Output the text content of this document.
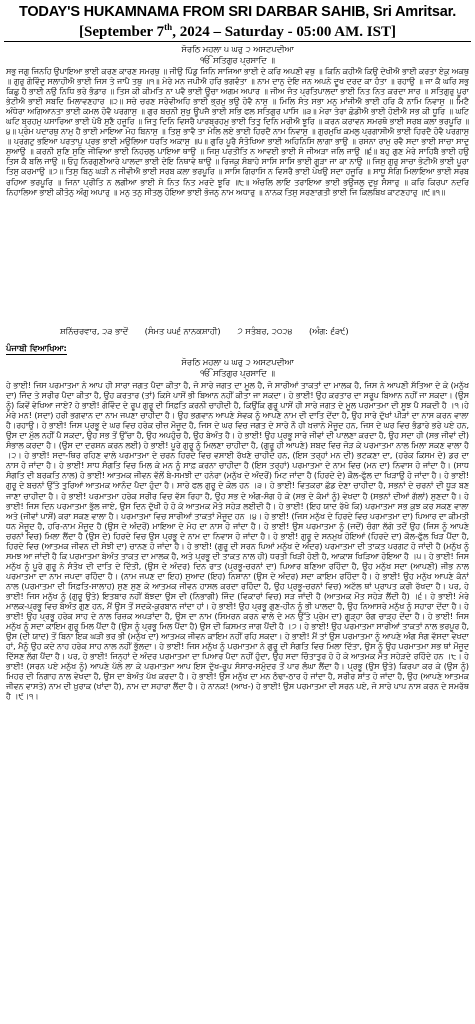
TODAY'S HUKAMNAMA FROM SRI DARBAR SAHIB, Sri Amritsar.
[September 7th, 2024 – Saturday - 05:00 AM. IST]
ਸੋਰਠਿ ਮਹਲਾ ੫ ਘਰੁ ੨ ਅਸਟਪਦੀਆ
ੴ ਸਤਿਗੁਰ ਪ੍ਰਸਾਦਿ ॥

ਸਭੁ ਜਗੁ ਜਿਨਹਿ ਉਪਾਇਆ ਭਾਈ ਕਰਣ ਕਾਰਣ ਸਮਰਥੁ ॥ ਜੀਉ ਪਿੰਡੁ ਜਿਨਿ ਸਾਜਿਆ ਭਾਈ ਦੇ ਕਰਿ ਅਪਣੀ ਵਥੁ ॥ ਕਿਨਿ ਕਹੀਐ ਕਿਉ ਦੇਖੀਐ ਭਾਈ ਕਰਤਾ ਏਕੁ ਅਕਥੁ ॥ ਗੁਰੁ ਗੋਵਿੰਦੁ ਸਲਾਹੀਐ ਭਾਈ ਜਿਸ ਤੇ ਜਾਪੈ ਤਥੁ ॥੧॥ ਮੇਰੇ ਮਨ ਜਪੀਐ ਹਰਿ ਭਗਵੰਤਾ ॥ ਨਾਮ ਦਾਨੁ ਦੇਇ ਜਨ ਅਪਨੇ ਦੂਖ ਦਰਦ ਕਾ ਹੰਤਾ ॥ ਰਹਾਉ ॥ ਜਾ ਕੈ ਘਰਿ ਸਭੁ ਕਿਛੁ ਹੈ ਭਾਈ ਨਉ ਨਿਧਿ ਭਰੇ ਭੰਡਾਰ ॥ ਤਿਸ ਕੀ ਕੀਮਤਿ ਨਾ ਪਵੈ ਭਾਈ ਊਚਾ ਅਗਮ ਅਪਾਰ ॥ ਜੀਅ ਜੰਤ ਪ੍ਰਤਿਪਾਲਦਾ ਭਾਈ ਨਿਤ ਨਿਤ ਕਰਦਾ ਸਾਰ ॥ ਸਤਿਗੁਰੁ ਪੂਰਾ ਭੇਟੀਐ ਭਾਈ ਸਬਦਿ ਮਿਲਾਵਣਹਾਰ ॥੨॥ ਸਚੇ ਚਰਣ ਸਰੇਵੀਅਹਿ ਭਾਈ ਭ੍ਰਮੁ ਭਉ ਹੋਵੈ ਨਾਸੁ ॥ ਮਿਲਿ ਸੰਤ ਸਭਾ ਮਨੁ ਮਾਂਜੀਐ ਭਾਈ ਹਰਿ ਕੈ ਨਾਮਿ ਨਿਵਾਸੁ ॥ ਮਿਟੈ ਅੰਧੇਰਾ ਅਗਿਆਨਤਾ ਭਾਈ ਕਮਲ ਹੋਵੈ ਪਰਗਾਸੁ ॥ ਗੁਰ ਬਚਨੀ ਸੁਖੁ ਊਪਜੈ ਭਾਈ ਸਭਿ ਫਲ ਸਤਿਗੁਰ ਪਾਸਿ ॥੩॥ ਮੇਰਾ ਤੇਰਾ ਛੋਡੀਐ ਭਾਈ ਹੋਈਐ ਸਭ ਕੀ ਧੂਰਿ ॥ ਘਟਿ ਘਟਿ ਬ੍ਰਹਮੁ ਪਸਾਰਿਆ ਭਾਈ ਪੇਖੈ ਸੁਣੈ ਹਜੂਰਿ ॥ ਜਿਤੁ ਦਿਨਿ ਵਿਸਰੈ ਪਾਰਬ੍ਰਹਮੁ ਭਾਈ ਤਿਤੁ ਦਿਨਿ ਮਰੀਐ ਝੂਰਿ ॥ ਕਰਨ ਕਰਾਵਨ ਸਮਰਥੋ ਭਾਈ ਸਰਬ ਕਲਾ ਭਰਪੂਰਿ ॥੪॥ ਪ੍ਰੇਮ ਪਦਾਰਥੁ ਨਾਮੁ ਹੈ ਭਾਈ ਮਾਇਆ ਮੋਹ ਬਿਨਾਸੁ ॥ ਤਿਸੁ ਭਾਵੈ ਤਾ ਮੇਲਿ ਲਏ ਭਾਈ ਹਿਰਦੈ ਨਾਮ ਨਿਵਾਸੁ ॥ ਗੁਰਮੁਖਿ ਕਮਲੁ ਪ੍ਰਗਾਸੀਐ ਭਾਈ ਹਿਰਦੈ ਹੋਵੈ ਪਰਗਾਸੁ ॥ ਪ੍ਰਗਟੁ ਭਇਆ ਪਰਤਾਪੁ ਪ੍ਰਭ ਭਾਈ ਮਉਲਿਆ ਧਰਤਿ ਅਕਾਸੁ ॥੫॥ ਗੁਰਿ ਪੂਰੈ ਸੰਤੋਖਿਆ ਭਾਈ ਅਹਿਨਿਸਿ ਲਾਗਾ ਭਾਉ ॥ ਰਸਨਾ ਰਾਮੁ ਰਵੈ ਸਦਾ ਭਾਈ ਸਾਚਾ ਸਾਦੁ ਸੁਆਉ ॥ ਕਰਨੀ ਸੁਣਿ ਸੁਣਿ ਜੀਵਿਆ ਭਾਈ ਨਿਹਚਲੁ ਪਾਇਆ ਥਾਉ ॥ ਜਿਸੁ ਪਰਤੀਤਿ ਨ ਆਵਈ ਭਾਈ ਸੋ ਜੀਅੜਾ ਜਲਿ ਜਾਉ ॥੬॥ ਬਹੁ ਗੁਣ ਮੇਰੇ ਸਾਹਿਬੈ ਭਾਈ ਹਉ ਤਿਸ ਕੈ ਬਲਿ ਜਾਉ ॥ ਓਹੁ ਨਿਰਗੁਣੀਆਰੇ ਪਾਲਦਾ ਭਾਈ ਦੇਇ ਨਿਥਾਵੇ ਥਾਉ ॥ ਰਿਜਕੁ ਸੰਬਾਹੇ ਸਾਸਿ ਸਾਸਿ ਭਾਈ ਗੂੜਾ ਜਾ ਕਾ ਨਾਉ ॥ ਜਿਸੁ ਗੁਰੁ ਸਾਚਾ ਭੇਟੀਐ ਭਾਈ ਪੂਰਾ ਤਿਸੁ ਕਰਮਾਉ ॥੭॥ ਤਿਸੁ ਬਿਨੁ ਘੜੀ ਨ ਜੀਵੀਐ ਭਾਈ ਸਰਬ ਕਲਾ ਭਰਪੂਰਿ ॥ ਸਾਸਿ ਗਿਰਾਸਿ ਨ ਵਿਸਰੈ ਭਾਈ ਪੇਖਉ ਸਦਾ ਹਜੂਰਿ ॥ ਸਾਧੂ ਸੰਗਿ ਮਿਲਾਇਆ ਭਾਈ ਸਰਬ ਰਹਿਆ ਭਰਪੂਰਿ ॥ ਜਿਨਾ ਪ੍ਰੀਤਿ ਨ ਲਗੀਆ ਭਾਈ ਸੇ ਨਿਤ ਨਿਤ ਮਰਦੇ ਝੂਰਿ ॥੮॥ ਅੰਚਲਿ ਲਾਇ ਤਰਾਇਆ ਭਾਈ ਭਉਜਲੁ ਦੁਖੁ ਸੰਸਾਰੁ ॥ ਕਰਿ ਕਿਰਪਾ ਨਦਰਿ ਨਿਹਾਲਿਆ ਭਾਈ ਕੀਤੋਨੁ ਅੰਗੁ ਅਪਾਰੁ ॥ ਮਨੁ ਤਨੁ ਸੀਤਲੁ ਹੋਇਆ ਭਾਈ ਭੋਜਨੁ ਨਾਮ ਅਧਾਰੁ ॥ ਨਾਨਕ ਤਿਸੁ ਸਰਣਾਗਤੀ ਭਾਈ ਜਿ ਕਿਲਬਿਖ ਕਾਟਣਹਾਰੁ ॥੯॥੧॥

ਸ਼ਨਿੱਚਰਵਾਰ, ੨੩ ਭਾਦੋਂ (ਸੰਮਤ ੫੫੬ ਨਾਨਕਸ਼ਾਹੀ) ੭ ਸਤੰਬਰ, ੨੦੨੪ (ਅੰਗ: ੬੩੯)
ਪੰਜਾਬੀ ਵਿਆਖਿਆ:
ਸੋਰਠਿ ਮਹਲਾ ੫ ਘਰੁ ੨ ਅਸਟਪਦੀਆ
ੴ ਸਤਿਗੁਰ ਪ੍ਰਸਾਦਿ ॥

ਹੇ ਭਾਈ! ਜਿਸ ਪਰਮਾਤਮਾ ਨੇ ਆਪ ਹੀ ਸਾਰਾ ਜਗਤ ਪੈਦਾ ਕੀਤਾ ਹੈ, ਜੋ ਸਾਰੇ ਜਗਤ ਦਾ ਮੂਲ ਹੈ, ਜੋ ਸਾਰੀਆਂ ਤਾਕਤਾਂ ਦਾ ਮਾਲਕ ਹੈ, ਜਿਸ ਨੇ ਆਪਣੀ ਸੱਤਿਆ ਦੇ ਕੇ (ਮਨੁੱਖ ਦਾ) ਜਿੰਦ ਤੇ ਸਰੀਰ ਪੈਦਾ ਕੀਤਾ ਹੈ, ਉਹ ਕਰਤਾਰ (ਤਾਂ) ਕਿਸੇ ਪਾਸੋਂ ਭੀ ਬਿਆਨ ਨਹੀਂ ਕੀਤਾ ਜਾ ਸਕਦਾ। ਹੇ ਭਾਈ! ਉਹ ਕਰਤਾਰ ਦਾ ਸਰੂਪ ਬਿਆਨ ਨਹੀਂ ਜਾ ਸਕਦਾ। (ਉਸ ਨੂੰ) ਕਿਵੇਂ ਵੇਖਿਆ ਜਾਏ? ਹੇ ਭਾਈ! ਗੋਵਿੰਦ ਦੇ ਰੂਪ ਗੁਰੂ ਦੀ ਸਿਫ਼ਤਿ ਕਰਨੀ ਚਾਹੀਦੀ ਹੈ, ਕਿਉਂਕਿ ਗੁਰੂ ਪਾਸੋਂ ਹੀ ਸਾਰੇ ਜਗਤ ਦੇ ਮੂਲ ਪਰਮਾਤਮਾ ਦੀ ਸੂਝ ਪੈ ਸਕਦੀ ਹੈ ।੧।ਹੇ ਮੇਰੇ ਮਨ! (ਸਦਾ) ਹਰੀ ਭਗਵਾਨ ਦਾ ਨਾਮ ਜਪਣਾ ਚਾਹੀਦਾ ਹੈ। ਉਹ ਭਗਵਾਨ ਆਪਣੇ ਸੇਵਕ ਨੂੰ ਆਪਣੇ ਨਾਮ ਦੀ ਦਾਤਿ ਦੇਂਦਾ ਹੈ, ਉਹ ਸਾਰੇ ਦੁੱਖਾਂ ਪੀੜਾਂ ਦਾ ਨਾਸ ਕਰਨ ਵਾਲਾ ਹੈ।ਰਹਾਉ। ਹੇ ਭਾਈ! ਜਿਸ ਪ੍ਰਭੂ ਦੇ ਘਰ ਵਿਚ ਹਰੇਕ ਚੀਜ਼ ਮੌਜੂਦ ਹੈ, ਜਿਸ ਦੇ ਘਰ ਵਿਚ ਜਗਤ ਦੇ ਸਾਰੇ ਨੌ ਹੀ ਖ਼ਜ਼ਾਨੇ ਮੌਜੂਦ ਹਨ, ਜਿਸ ਦੇ ਘਰ ਵਿਚ ਭੰਡਾਰੇ ਭਰੇ ਪਏ ਹਨ, ਉਸ ਦਾ ਮੁੱਲ ਨਹੀਂ ਪੈ ਸਕਦਾ, ਉਹ ਸਭ ਤੋਂ ਉੱਚਾ ਹੈ, ਉਹ ਅਪਹੁੰਚ ਹੈ, ਉਹ ਬੇਅੰਤ ਹੈ। ਹੇ ਭਾਈ! ਉਹ ਪ੍ਰਭੂ ਸਾਰੇ ਜੀਵਾਂ ਦੀ ਪਾਲਣਾ ਕਰਦਾ ਹੈ, ਉਹ ਸਦਾ ਹੀ (ਸਭ ਜੀਵਾਂ ਦੀ) ਸੰਭਾਲ ਕਰਦਾ ਹੈ। (ਉਸ ਦਾ ਦਰਸ਼ਨ ਕਰਨ ਲਈ) ਹੇ ਭਾਈ! ਪੂਰੇ ਗੁਰੂ ਨੂੰ ਮਿਲਣਾ ਚਾਹੀਦਾ ਹੈ, (ਗੁਰੂ ਹੀ ਆਪਣੇ) ਸ਼ਬਦ ਵਿਚ ਜੋੜ ਕੇ ਪਰਮਾਤਮਾ ਨਾਲ ਮਿਲਾ ਸਕਣ ਵਾਲਾ ਹੈ ।੨। ਹੇ ਭਾਈ! ਸਦਾ-ਥਿਰ ਰਹਿਣ ਵਾਲੇ ਪਰਮਾਤਮਾ ਦੇ ਚਰਨ ਹਿਰਦੇ ਵਿਚ ਵਸਾਈ ਰੱਖਣੇ ਚਾਹੀਦੇ ਹਨ, (ਇਸ ਤਰ੍ਹਾਂ ਮਨ ਦੀ) ਭਟਕਣਾ ਦਾ, (ਹਰੇਕ ਕਿਸਮ ਦੇ) ਡਰ ਦਾ ਨਾਸ ਹੋ ਜਾਂਦਾ ਹੈ। ਹੇ ਭਾਈ! ਸਾਧ ਸੰਗਤਿ ਵਿਚ ਮਿਲ ਕੇ ਮਨ ਨੂੰ ਸਾਫ਼ ਕਰਨਾ ਚਾਹੀਦਾ ਹੈ (ਇਸ ਤਰ੍ਹਾਂ) ਪਰਮਾਤਮਾ ਦੇ ਨਾਮ ਵਿਚ (ਮਨ ਦਾ) ਨਿਵਾਸ ਹੋ ਜਾਂਦਾ ਹੈ। (ਸਾਧ ਸੰਗਤਿ ਦੀ ਬਰਕਤਿ ਨਾਲ) ਹੇ ਭਾਈ! ਆਤਮਕ ਜੀਵਨ ਵੱਲੋਂ ਬੇ-ਸਮਝੀ ਦਾ ਹਨੇਰਾ (ਮਨੁੱਖ ਦੇ ਅੰਦਰੋਂ) ਮਿਟ ਜਾਂਦਾ ਹੈ (ਹਿਰਦੇ ਦੇ) ਕੌਲ-ਫੁੱਲ ਦਾ ਖਿੜਾਉ ਹੋ ਜਾਂਦਾ ਹੈ। ਹੇ ਭਾਈ! ਗੁਰੂ ਦੇ ਬਚਨਾਂ ਉੱਤੇ ਤੁਰਿਆਂ ਆਤਮਕ ਆਨੰਦ ਪੈਦਾ ਹੁੰਦਾ ਹੈ। ਸਾਰੇ ਫਲ ਗੁਰੂ ਦੇ ਕੋਲ ਹਨ ।੩। ਹੇ ਭਾਈ! ਵਿਤਕਰਾ ਛੱਡ ਦੇਣਾ ਚਾਹੀਦਾ ਹੈ, ਸਭਨਾਂ ਦੇ ਚਰਨਾਂ ਦੀ ਧੂੜ ਬਣ ਜਾਣਾ ਚਾਹੀਦਾ ਹੈ। ਹੇ ਭਾਈ! ਪਰਮਾਤਮਾ ਹਰੇਕ ਸਰੀਰ ਵਿਚ ਵੱਸ ਰਿਹਾ ਹੈ, ਉਹ ਸਭ ਦੇ ਅੰਗ-ਸੰਗ ਹੋ ਕੇ (ਸਭ ਦੇ ਕੰਮਾਂ ਨੂੰ) ਵੇਖਦਾ ਹੈ (ਸਭਨਾਂ ਦੀਆਂ ਗੱਲਾਂ) ਸੁਣਦਾ ਹੈ। ਹੇ ਭਾਈ! ਜਿਸ ਦਿਨ ਪਰਮਾਤਮਾ ਭੁੱਲ ਜਾਏ, ਉਸ ਦਿਨ ਦੁੱਖੀ ਹੋ ਹੋ ਕੇ ਆਤਮਕ ਮੌਤੇ ਸਹੇੜ ਲਈਦੀ ਹੈ। ਹੇ ਭਾਈ! (ਇਹ ਯਾਦ ਰੱਖੋ ਕਿ) ਪਰਮਾਤਮਾ ਸਭ ਕੁਝ ਕਰ ਸਕਣ ਵਾਲਾ ਅਤੇ (ਜੀਵਾਂ ਪਾਸੋਂ) ਕਰਾ ਸਕਣ ਵਾਲਾ ਹੈ। ਪਰਮਾਤਮਾ ਵਿਚ ਸਾਰੀਆਂ ਤਾਕਤਾਂ ਮੌਜੂਦ ਹਨ ।੪। ਹੇ ਭਾਈ! (ਜਿਸ ਮਨੁੱਖ ਦੇ ਹਿਰਦੇ ਵਿਚ ਪਰਮਾਤਮਾ ਦਾ) ਪਿਆਰ ਦਾ ਕੀਮਤੀ ਧਨ ਮੌਜੂਦ ਹੈ, ਹਰਿ-ਨਾਮ ਮੌਜੂਦ ਹੈ (ਉਸ ਦੇ ਅੰਦਰੋਂ) ਮਾਇਆ ਦੇ ਮੋਹ ਦਾ ਨਾਸ ਹੋ ਜਾਂਦਾ ਹੈ। ਹੇ ਭਾਈ! ਉਸ ਪਰਮਾਤਮਾ ਨੂੰ (ਜਦੋਂ) ਚੰਗਾ ਲੱਗੇ ਤਦੋਂ ਉਹ (ਜਿਸ ਨੂੰ ਆਪਣੇ ਚਰਨਾਂ ਵਿਚ) ਮਿਲਾ ਲੈਂਦਾ ਹੈ (ਉਸ ਦੇ) ਹਿਰਦੇ ਵਿਚ ਉਸ ਪ੍ਰਭੂ ਦੇ ਨਾਮ ਦਾ ਨਿਵਾਸ ਹੋ ਜਾਂਦਾ ਹੈ। ਹੇ ਭਾਈ! ਗੁਰੂ ਦੇ ਸਨਮੁਖ ਹੋਇਆਂ (ਹਿਰਦੇ ਦਾ) ਕੌਲ-ਫੁੱਲ ਖਿੜ ਪੈਂਦਾ ਹੈ, ਹਿਰਦੇ ਵਿਚ (ਆਤਮਕ ਜੀਵਨ ਦੀ ਸੋਝੀ ਦਾ) ਚਾਨਣ ਹੋ ਜਾਂਦਾ ਹੈ। ਹੇ ਭਾਈ! (ਗੁਰੂ ਦੀ ਸਰਨ ਪਿਆਂ ਮਨੁੱਖ ਦੇ ਅੰਦਰ) ਪਰਮਾਤਮਾ ਦੀ ਤਾਕਤ ਪਰਗਟ ਹੋ ਜਾਂਦੀ ਹੈ (ਮਨੁੱਖ ਨੂੰ ਸਮਝ ਆ ਜਾਂਦੀ ਹੈ ਕਿ ਪਰਮਾਤਮਾ ਬੇਅੰਤ ਤਾਕਤ ਦਾ ਮਾਲਕ ਹੈ, ਅਤੇ ਪ੍ਰਭੂ ਦੀ ਤਾਕਤ ਨਾਲ ਹੀ) ਧਰਤੀ ਖਿੜੀ ਹੋਈ ਹੈ, ਆਕਾਸ਼ ਖਿੜਿਆ ਹੋਇਆ ਹੈ ।੫। ਹੇ ਭਾਈ! ਜਿਸ ਮਨੁੱਖ ਨੂੰ ਪੂਰੇ ਗੁਰੂ ਨੇ ਸੰਤੋਖ ਦੀ ਦਾਤਿ ਦੇ ਦਿੱਤੀ, (ਉਸ ਦੇ ਅੰਦਰ) ਦਿਨ ਰਾਤ (ਪ੍ਰਭੂ-ਚਰਨਾਂ ਦਾ) ਪਿਆਰ ਬਣਿਆ ਰਹਿੰਦਾ ਹੈ, ਉਹ ਮਨੁੱਖ ਸਦਾ (ਆਪਣੀ) ਜੀਭ ਨਾਲ ਪਰਮਾਤਮਾ ਦਾ ਨਾਮ ਜਪਦਾ ਰਹਿੰਦਾ ਹੈ। (ਨਾਮ ਜਪਣ ਦਾ ਇਹ) ਸੁਆਦ (ਇਹ) ਨਿਸ਼ਾਨਾ (ਉਸ ਦੇ ਅੰਦਰ) ਸਦਾ ਕਾਇਮ ਰਹਿੰਦਾ ਹੈ। ਹੇ ਭਾਈ! ਉਹ ਮਨੁੱਖ ਆਪਣੇ ਕੰਨਾਂ ਨਾਲ (ਪਰਮਾਤਮਾ ਦੀ ਸਿਫ਼ਤਿ-ਸਾਲਾਹ) ਸੁਣ ਸੁਣ ਕੇ ਆਤਮਕ ਜੀਵਨ ਹਾਸਲ ਕਰਦਾ ਰਹਿੰਦਾ ਹੈ, ਉਹ ਪ੍ਰਭੂ-ਚਰਨਾਂ ਵਿਚ) ਅਟੱਲ ਥਾਂ ਪ੍ਰਾਪਤ ਕਰੀ ਰੱਖਦਾ ਹੈ। ਪਰ, ਹੇ ਭਾਈ! ਜਿਸ ਮਨੁੱਖ ਨੂੰ (ਗੁਰੂ ਉਤੇ) ਇਤਬਾਰ ਨਹੀਂ ਬੱਝਦਾ ਉਸ ਦੀ (ਨਿਭਾਗੀ) ਜਿੰਦ (ਵਿਕਾਰਾਂ ਵਿਚ) ਸੜ ਜਾਂਦੀ ਹੈ (ਆਤਮਕ ਮੌਤ ਸਹੇੜ ਲੈਂਦੀ ਹੈ) ।੬। ਹੇ ਭਾਈ! ਮੇਰੇ ਮਾਲਕ-ਪ੍ਰਭੂ ਵਿਚ ਬੇਅੰਤ ਗੁਣ ਹਨ, ਮੈਂ ਉਸ ਤੋਂ ਸਦਕੇ-ਕੁਰਬਾਨ ਜਾਂਦਾ ਹਾਂ। ਹੇ ਭਾਈ! ਉਹ ਪ੍ਰਭੂ ਗੁਣ-ਹੀਨ ਨੂੰ ਭੀ ਪਾਲਦਾ ਹੈ, ਉਹ ਨਿਆਸਰੇ ਮਨੁੱਖ ਨੂੰ ਸਹਾਰਾ ਦੇਂਦਾ ਹੈ। ਹੇ ਭਾਈ! ਉਹ ਪ੍ਰਭੂ ਹਰੇਕ ਸਾਹ ਦੇ ਨਾਲ ਰਿਜ਼ਕ ਅਪੜਾਂਦਾ ਹੈ, ਉਸ ਦਾ ਨਾਮ (ਸਿਮਰਨ ਕਰਨ ਵਾਲੇ ਦੇ ਮਨ ਉੱਤੇ ਪ੍ਰੇਮ ਦਾ) ਗੂੜ੍ਹਾ ਰੰਗ ਚਾੜ੍ਹ ਦੇਂਦਾ ਹੈ। ਹੇ ਭਾਈ! ਜਿਸ ਮਨੁੱਖ ਨੂੰ ਸਦਾ ਕਾਇਮ ਗੁਰੂ ਮਿਲ ਪੈਂਦਾ ਹੈ (ਉਸ ਨੂੰ ਪ੍ਰਭੂ ਮਿਲ ਪੈਂਦਾ ਹੈ) ਉਸ ਦੀ ਕਿਸਮਤ ਜਾਗ ਪੈਂਦੀ ਹੈ ।੭। ਹੇ ਭਾਈ! ਉਹ ਪਰਮਾਤਮਾ ਸਾਰੀਆਂ ਤਾਕਤਾਂ ਨਾਲ ਭਰਪੂਰ ਹੈ, ਉਸ (ਦੀ ਯਾਦ) ਤੋਂ ਬਿਨਾ ਇਕ ਘੜੀ ਭਰ ਭੀ (ਮਨੁੱਖ ਦਾ) ਆਤਮਕ ਜੀਵਨ ਕਾਇਮ ਨਹੀਂ ਰਹਿ ਸਕਦਾ। ਹੇ ਭਾਈ! ਮੈਂ ਤਾਂ ਉਸ ਪਰਮਾਤਮਾ ਨੂੰ ਆਪਣੇ ਅੰਗ ਸੰਗ ਵੱਸਦਾ ਵੇਖਦਾ ਹਾਂ, ਮੈਨੂੰ ਉਹ ਕਦੇ ਨਾਹ ਹਰੇਕ ਸਾਹ ਨਾਲ ਨਹੀਂ ਭੁੱਲਦਾ। ਹੇ ਭਾਈ! ਜਿਸ ਮਨੁੱਖ ਨੂੰ ਪਰਮਾਤਮਾ ਨੇ ਗੁਰੂ ਦੀ ਸੰਗਤਿ ਵਿਚ ਮਿਲਾ ਦਿੱਤਾ, ਉਸ ਨੂੰ ਉਹ ਪਰਮਾਤਮਾ ਸਭ ਥਾਂ ਮੌਜੂਦ ਦਿੱਸਣ ਲੱਗ ਪੈਂਦਾ ਹੈ। ਪਰ, ਹੇ ਭਾਈ! ਜਿਨ੍ਹਾਂ ਦੇ ਅੰਦਰ ਪਰਮਾਤਮਾ ਦਾ ਪਿਆਰ ਪੈਦਾ ਨਹੀਂ ਹੁੰਦਾ, ਉਹ ਸਦਾ ਚਿੰਤਾਤੁਰ ਹੋ ਹੋ ਕੇ ਆਤਮਕ ਮੌਤ ਸਹੇੜਦੇ ਰਹਿੰਦੇ ਹਨ ।੮। ਹੇ ਭਾਈ! (ਸਰਨ ਪਏ ਮਨੁੱਖ ਨੂੰ) ਆਪਣੇ ਪੱਲੇ ਲਾ ਕੇ ਪਰਮਾਤਮਾ ਆਪ ਇਸ ਦੁੱਖ-ਰੂਪ ਸੰਸਾਰ-ਸਮੁੰਦਰ ਤੋਂ ਪਾਰ ਲੰਘਾ ਲੈਂਦਾ ਹੈ। ਪ੍ਰਭੂ (ਉਸ ਉਤੇ) ਕਿਰਪਾ ਕਰ ਕੇ (ਉਸ ਨੂੰ) ਮਿਹਰ ਦੀ ਨਿਗਾਹ ਨਾਲ ਵੇਖਦਾ ਹੈ, ਉਸ ਦਾ ਬੇਅੰਤ ਪੱਖ ਕਰਦਾ ਹੈ। ਹੇ ਭਾਈ! ਉਸ ਮਨੁੱਖ ਦਾ ਮਨ ਠੰਢਾ-ਠਾਰ ਹੋ ਜਾਂਦਾ ਹੈ, ਸਰੀਰ ਸ਼ਾਂਤ ਹੋ ਜਾਂਦਾ ਹੈ, ਉਹ (ਆਪਣੇ ਆਤਮਕ ਜੀਵਨ ਵਾਸਤੇ) ਨਾਮ ਦੀ ਖ਼ੁਰਾਕ (ਖਾਂਦਾ ਹੈ), ਨਾਮ ਦਾ ਸਹਾਰਾ ਲੈਂਦਾ ਹੈ। ਹੇ ਨਾਨਕ! (ਆਖ-) ਹੇ ਭਾਈ! ਉਸ ਪਰਮਾਤਮਾ ਦੀ ਸਰਨ ਪਏ, ਜੋ ਸਾਰੇ ਪਾਪ ਨਾਸ ਕਰਨ ਦੇ ਸਮਰੱਥ ਹੈ ।੯।੧।
